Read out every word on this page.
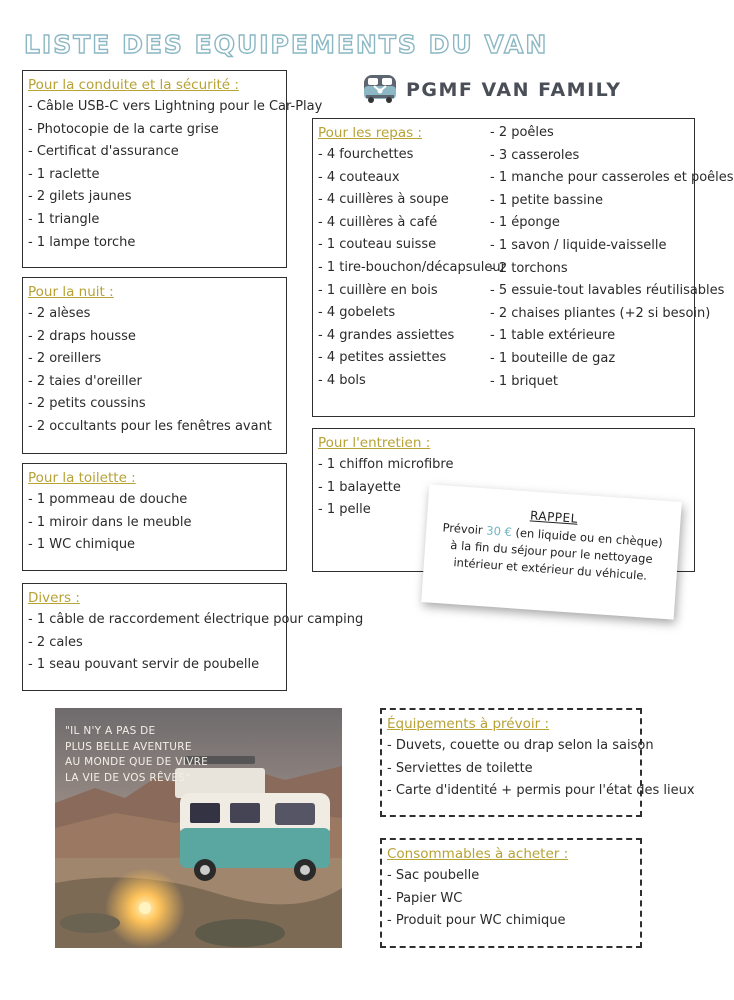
LISTE DES EQUIPEMENTS DU VAN
PGMF VAN FAMILY
Pour la conduite et la sécurité :
- Câble USB-C vers Lightning pour le Car-Play
- Photocopie de la carte grise
- Certificat d'assurance
- 1 raclette
- 2 gilets jaunes
- 1 triangle
- 1 lampe torche
Pour la nuit :
- 2 alèses
- 2 draps housse
- 2 oreillers
- 2 taies d'oreiller
- 2 petits coussins
- 2 occultants pour les fenêtres avant
Pour la toilette :
- 1 pommeau de douche
- 1 miroir dans le meuble
- 1 WC chimique
Divers :
- 1 câble de raccordement électrique pour camping
- 2 cales
- 1 seau pouvant servir de poubelle
Pour les repas :
- 4 fourchettes
- 4 couteaux
- 4 cuillères à soupe
- 4 cuillères à café
- 1 couteau suisse
- 1 tire-bouchon/décapsuleur
- 1 cuillère en bois
- 4 gobelets
- 4 grandes assiettes
- 4 petites assiettes
- 4 bols
- 2 poêles
- 3 casseroles
- 1 manche pour casseroles et poêles
- 1 petite bassine
- 1 éponge
- 1 savon / liquide-vaisselle
- 2 torchons
- 5 essuie-tout lavables réutilisables
- 2 chaises pliantes (+2 si besoin)
- 1 table extérieure
- 1 bouteille de gaz
- 1 briquet
Pour l'entretien :
- 1 chiffon microfibre
- 1 balayette
- 1 pelle	RAPPEL
Prévoir 30 € (en liquide ou en chèque) à la fin du séjour pour le nettoyage intérieur et extérieur du véhicule.
"IL N'Y A PAS DE
PLUS BELLE AVENTURE
AU MONDE QUE DE VIVRE
LA VIE DE VOS RÊVES"
Équipements à prévoir :
- Duvets, couette ou drap selon la saison
- Serviettes de toilette
- Carte d'identité + permis pour l'état des lieux
Consommables à acheter :
- Sac poubelle
- Papier WC
- Produit pour WC chimique
